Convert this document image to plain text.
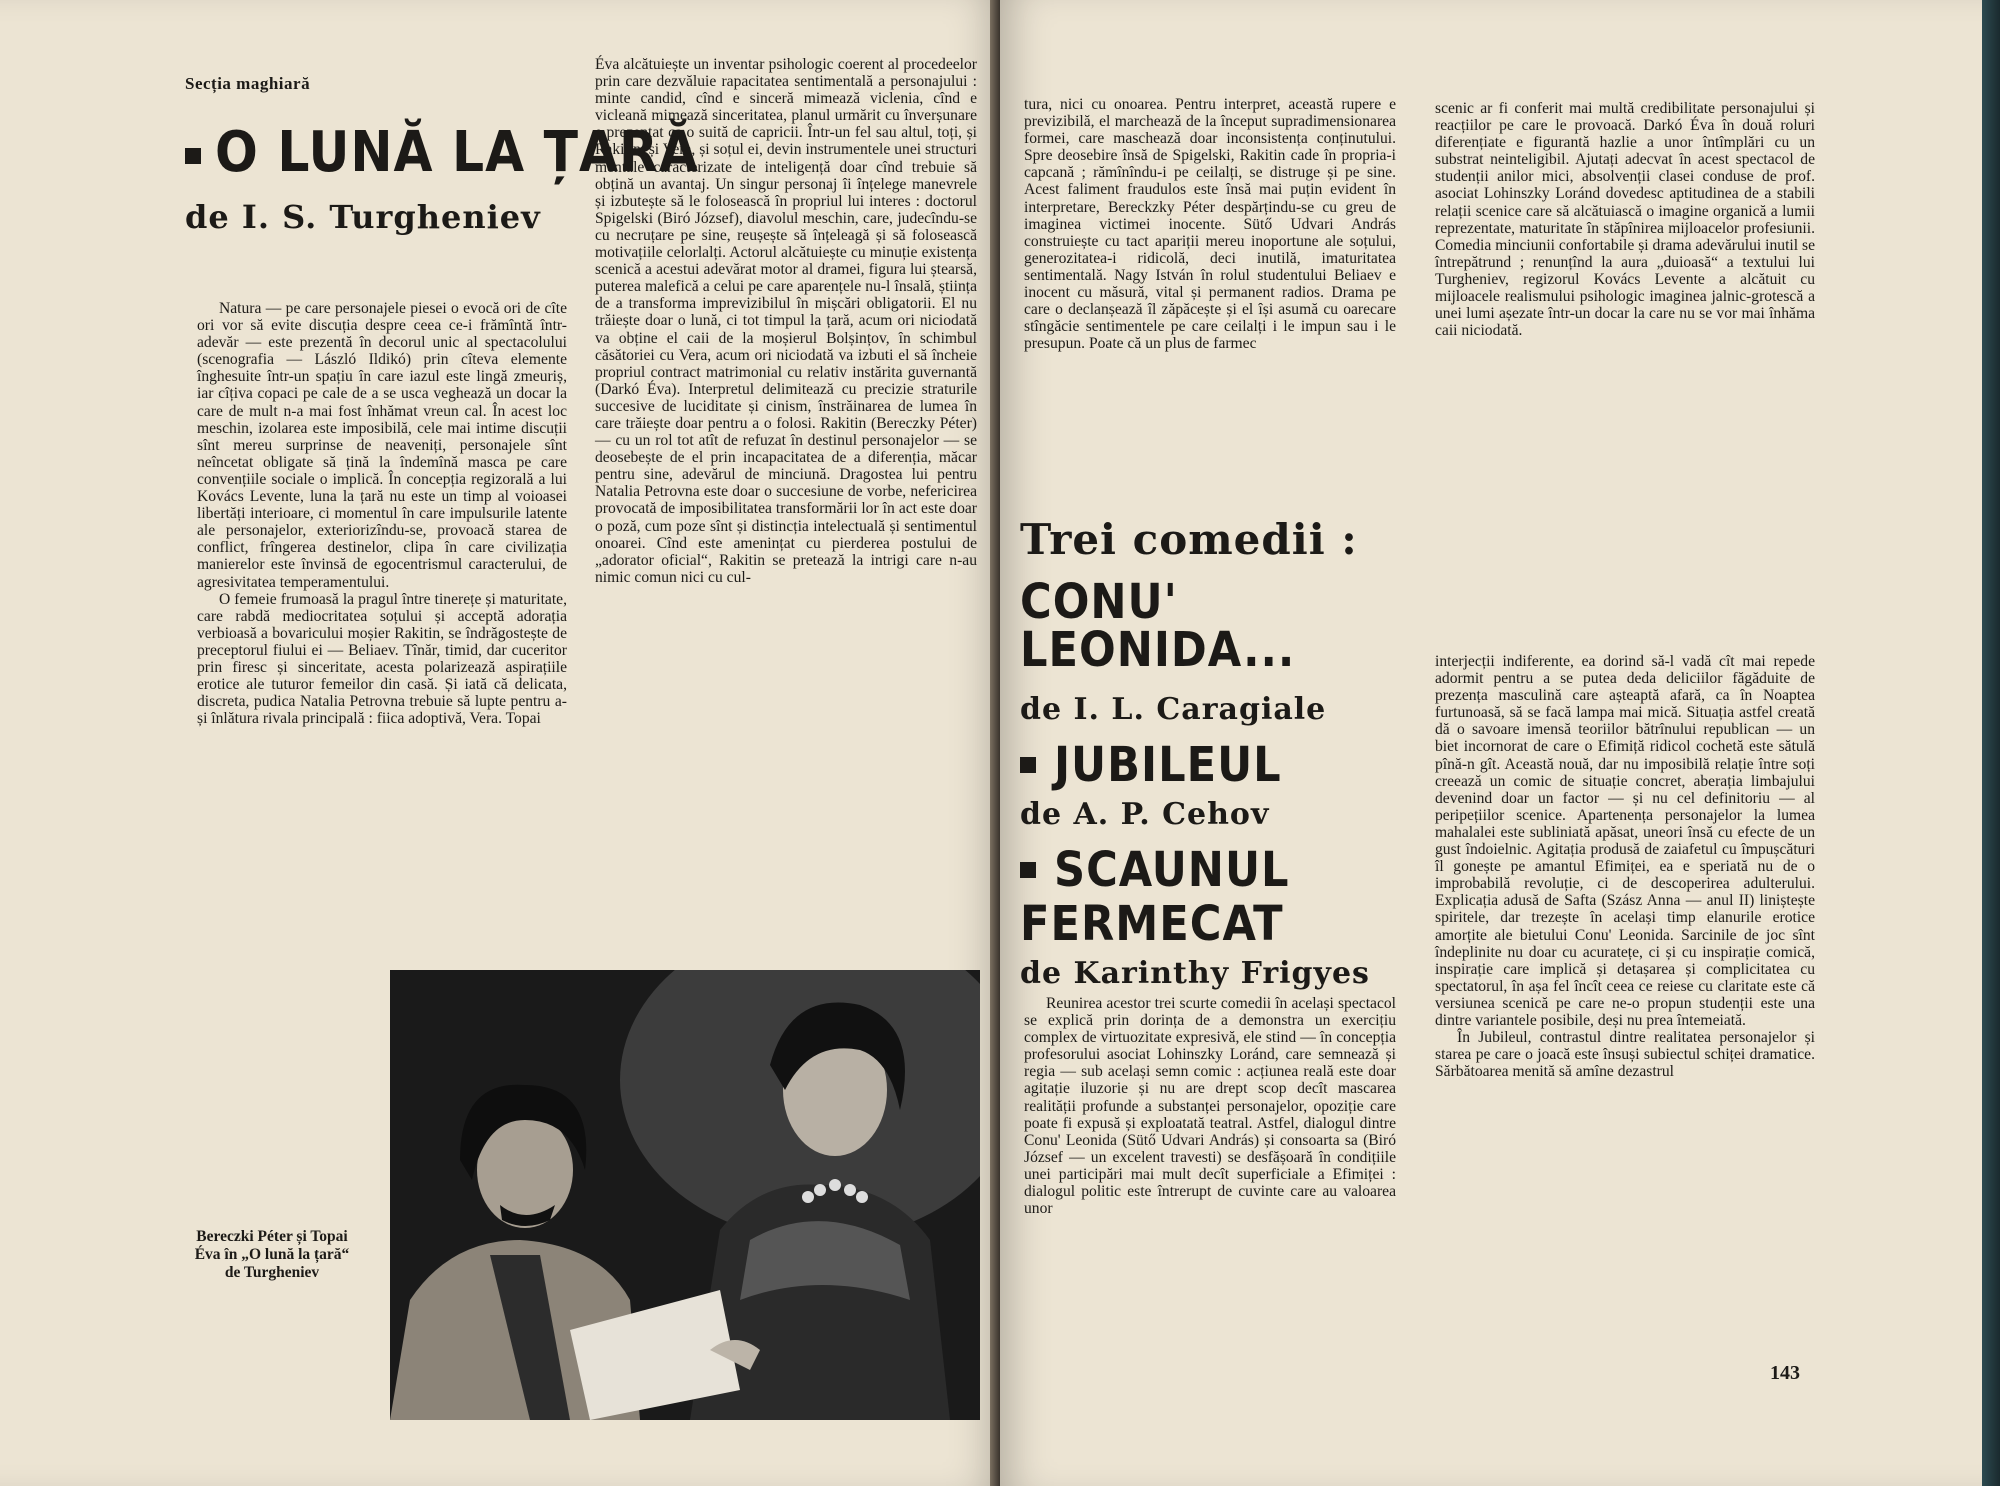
Secția maghiară
O LUNĂ LA ȚARĂ
de I. S. Turgheniev

Natura — pe care personajele piesei o evocă ori de cîte ori vor să evite discuția despre ceea ce-i frămîntă într-adevăr — este prezentă în decorul unic al spectacolului (scenografia — László Ildikó) prin cîteva elemente înghesuite într-un spațiu în care iazul este lingă zmeuriș, iar cîțiva copaci pe cale de a se usca veghează un docar la care de mult n-a mai fost înhămat vreun cal. În acest loc meschin, izolarea este imposibilă, cele mai intime discuții sînt mereu surprinse de neaveniți, personajele sînt neîncetat obligate să țină la îndemînă masca pe care convențiile sociale o implică. În concepția regizorală a lui Kovács Levente, luna la țară nu este un timp al voioasei libertăți interioare, ci momentul în care impulsurile latente ale personajelor, exteriorizîndu-se, provoacă starea de conflict, frîngerea destinelor, clipa în care civilizația manierelor este învinsă de egocentrismul caracterului, de agresivitatea temperamentului.

O femeie frumoasă la pragul între tinerețe și maturitate, care rabdă mediocritatea soțului și acceptă adorația verbioasă a bovaricului moșier Rakitin, se îndrăgostește de preceptorul fiului ei — Beliaev. Tînăr, timid, dar cuceritor prin firesc și sinceritate, acesta polarizează aspirațiile erotice ale tuturor femeilor din casă. Și iată că delicata, discreta, pudica Natalia Petrovna trebuie să lupte pentru a-și înlătura rivala principală : fiica adoptivă, Vera. Topai

Éva alcătuiește un inventar psihologic coerent al procedeelor prin care dezvăluie rapacitatea sentimentală a personajului : minte candid, cînd e sinceră mimează viclenia, cînd e vicleană mimează sinceritatea, planul urmărit cu înverșunare e prezentat ca o suită de capricii. Într-un fel sau altul, toți, și Rakitin, și Vera, și soțul ei, devin instrumentele unei structuri mentale caracterizate de inteligență doar cînd trebuie să obțină un avantaj. Un singur personaj îi înțelege manevrele și izbutește să le folosească în propriul lui interes : doctorul Spigelski (Biró József), diavolul meschin, care, judecîndu-se cu necruțare pe sine, reușește să înțeleagă și să folosească motivațiile celorlalți. Actorul alcătuiește cu minuție existența scenică a acestui adevărat motor al dramei, figura lui ștearsă, puterea malefică a celui pe care aparențele nu-l însală, știința de a transforma imprevizibilul în mișcări obligatorii. El nu trăiește doar o lună, ci tot timpul la țară, acum ori niciodată va obține el caii de la moșierul Bolșințov, în schimbul căsătoriei cu Vera, acum ori niciodată va izbuti el să încheie propriul contract matrimonial cu relativ instărita guvernantă (Darkó Éva). Interpretul delimitează cu precizie straturile succesive de luciditate și cinism, înstrăinarea de lumea în care trăiește doar pentru a o folosi. Rakitin (Bereczky Péter) — cu un rol tot atît de refuzat în destinul personajelor — se deosebește de el prin incapacitatea de a diferenția, măcar pentru sine, adevărul de minciună. Dragostea lui pentru Natalia Petrovna este doar o succesiune de vorbe, nefericirea provocată de imposibilitatea transformării lor în act este doar o poză, cum poze sînt și distincția intelectuală și sentimentul onoarei. Cînd este amenințat cu pierderea postului de „adorator oficial“, Rakitin se pretează la intrigi care n-au nimic comun nici cu cul-

Bereczki Péter și Topai Éva în „O lună la țară“ de Turgheniev

tura, nici cu onoarea. Pentru interpret, această rupere e previzibilă, el marchează de la început supradimensionarea formei, care maschează doar inconsistența conținutului. Spre deosebire însă de Spigelski, Rakitin cade în propria-i capcană ; rămînîndu-i pe ceilalți, se distruge și pe sine. Acest faliment fraudulos este însă mai puțin evident în interpretare, Bereckzky Péter despărțindu-se cu greu de imaginea victimei inocente. Sütő Udvari András construiește cu tact apariții mereu inoportune ale soțului, generozitatea-i ridicolă, deci inutilă, imaturitatea sentimentală. Nagy István în rolul studentului Beliaev e inocent cu măsură, vital și permanent radios. Drama pe care o declanșează îl zăpăcește și el își asumă cu oarecare stîngăcie sentimentele pe care ceilalți i le impun sau i le presupun. Poate că un plus de farmec

scenic ar fi conferit mai multă credibilitate personajului și reacțiilor pe care le provoacă. Darkó Éva în două roluri diferențiate e figurantă hazlie a unor întîmplări cu un substrat neinteligibil. Ajutați adecvat în acest spectacol de studenții anilor mici, absolvenții clasei conduse de prof. asociat Lohinszky Loránd dovedesc aptitudinea de a stabili relații scenice care să alcătuiască o imagine organică a lumii reprezentate, maturitate în stăpînirea mijloacelor profesiunii. Comedia minciunii confortabile și drama adevărului inutil se întrepătrund ; renunțînd la aura „duioasă“ a textului lui Turgheniev, regizorul Kovács Levente a alcătuit cu mijloacele realismului psihologic imaginea jalnic-grotescă a unei lumi așezate într-un docar la care nu se vor mai înhăma caii niciodată.

Trei comedii :
CONU' LEONIDA...
de I. L. Caragiale
JUBILEUL
de A. P. Cehov
SCAUNUL
FERMECAT
de Karinthy Frigyes

Reunirea acestor trei scurte comedii în același spectacol se explică prin dorința de a demonstra un exercițiu complex de virtuozitate expresivă, ele stind — în concepția profesorului asociat Lohinszky Loránd, care semnează și regia — sub același semn comic : acțiunea reală este doar agitație iluzorie și nu are drept scop decît mascarea realității profunde a substanței personajelor, opoziție care poate fi expusă și exploatată teatral. Astfel, dialogul dintre Conu' Leonida (Sütő Udvari András) și consoarta sa (Biró József — un excelent travesti) se desfășoară în condițiile unei participări mai mult decît superficiale a Efimiței : dialogul politic este întrerupt de cuvinte care au valoarea unor

interjecții indiferente, ea dorind să-l vadă cît mai repede adormit pentru a se putea deda deliciilor făgăduite de prezența masculină care așteaptă afară, ca în Noaptea furtunoasă, să se facă lampa mai mică. Situația astfel creată dă o savoare imensă teoriilor bătrînului republican — un biet incornorat de care o Efimiță ridicol cochetă este sătulă pînă-n gît. Această nouă, dar nu imposibilă relație între soți creează un comic de situație concret, aberația limbajului devenind doar un factor — și nu cel definitoriu — al peripețiilor scenice. Apartenența personajelor la lumea mahalalei este subliniată apăsat, uneori însă cu efecte de un gust îndoielnic. Agitația produsă de zaiafetul cu împușcături îl gonește pe amantul Efimiței, ea e speriată nu de o improbabilă revoluție, ci de descoperirea adulterului. Explicația adusă de Safta (Szász Anna — anul II) liniștește spiritele, dar trezește în același timp elanurile erotice amorțite ale bietului Conu' Leonida. Sarcinile de joc sînt îndeplinite nu doar cu acuratețe, ci și cu inspirație comică, inspirație care implică și detașarea și complicitatea cu spectatorul, în așa fel încît ceea ce reiese cu claritate este că versiunea scenică pe care ne-o propun studenții este una dintre variantele posibile, deși nu prea întemeiată.

În Jubileul, contrastul dintre realitatea personajelor și starea pe care o joacă este însuși subiectul schiței dramatice. Sărbătoarea menită să amîne dezastrul

143
